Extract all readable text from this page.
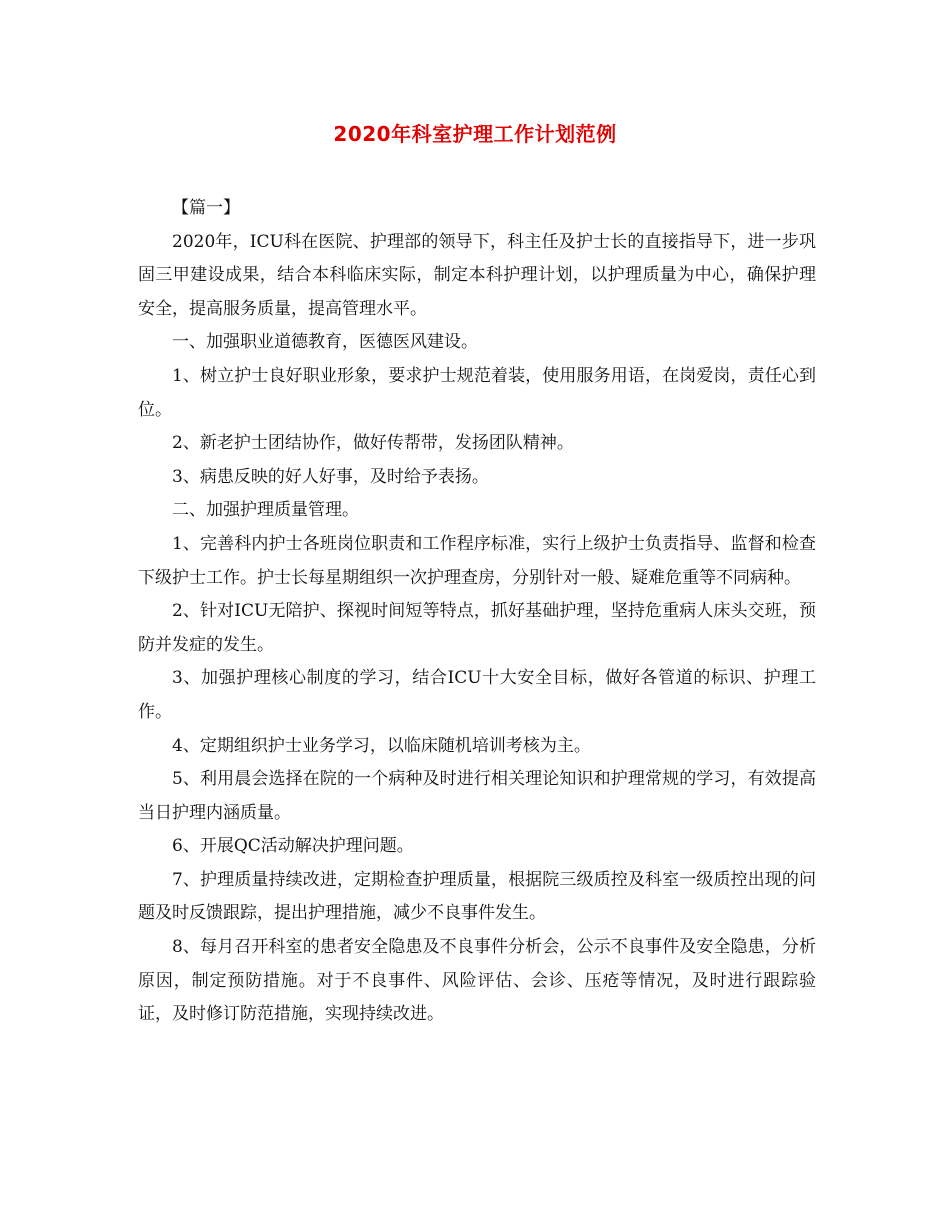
2020年科室护理工作计划范例

【篇一】

2020年，ICU科在医院、护理部的领导下，科主任及护士长的直接指导下，进一步巩固三甲建设成果，结合本科临床实际，制定本科护理计划，以护理质量为中心，确保护理安全，提高服务质量，提高管理水平。

一、加强职业道德教育，医德医风建设。

1、树立护士良好职业形象，要求护士规范着装，使用服务用语，在岗爱岗，责任心到位。

2、新老护士团结协作，做好传帮带，发扬团队精神。

3、病患反映的好人好事，及时给予表扬。

二、加强护理质量管理。

1、完善科内护士各班岗位职责和工作程序标准，实行上级护士负责指导、监督和检查下级护士工作。护士长每星期组织一次护理查房，分别针对一般、疑难危重等不同病种。

2、针对ICU无陪护、探视时间短等特点，抓好基础护理，坚持危重病人床头交班，预防并发症的发生。

3、加强护理核心制度的学习，结合ICU十大安全目标，做好各管道的标识、护理工作。

4、定期组织护士业务学习，以临床随机培训考核为主。

5、利用晨会选择在院的一个病种及时进行相关理论知识和护理常规的学习，有效提高当日护理内涵质量。

6、开展QC活动解决护理问题。

7、护理质量持续改进，定期检查护理质量，根据院三级质控及科室一级质控出现的问题及时反馈跟踪，提出护理措施，减少不良事件发生。

8、每月召开科室的患者安全隐患及不良事件分析会，公示不良事件及安全隐患，分析原因，制定预防措施。对于不良事件、风险评估、会诊、压疮等情况，及时进行跟踪验证，及时修订防范措施，实现持续改进。
